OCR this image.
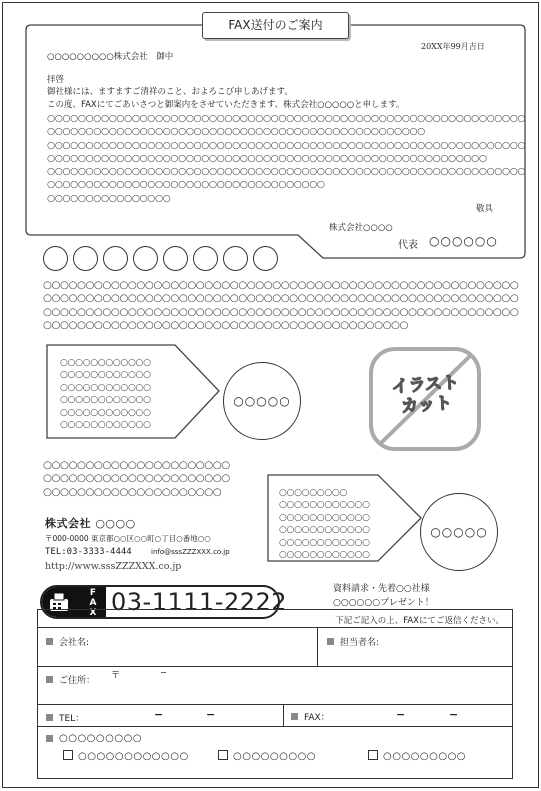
FAX送付のご案内
20XX年99月吉日
○○○○○○○○○株式会社　御中
拝啓
御社様には、ますますご清祥のこと、およろこび申しあげます。
この度、FAXにてごあいさつと御案内をさせていただきます、株式会社○○○○○と申します。
○○○○○○○○○○○○○○○○○○○○○○○○○○○○○○○○○○○○○○○○○○○○○○○○○○○○○○○○○○○○○○
○○○○○○○○○○○○○○○○○○○○○○○○○○○○○○○○○○○○○○○○○○○○○○○○○
○○○○○○○○○○○○○○○○○○○○○○○○○○○○○○○○○○○○○○○○○○○○○○○○○○○○○○○○○○○○○○
○○○○○○○○○○○○○○○○○○○○○○○○○○○○○○○○○○○○○○○○○○○○○○○○○○○○○○○○○
○○○○○○○○○○○○○○○○○○○○○○○○○○○○○○○○○○○○○○○○○○○○○○○○○○○○○○○○○○○○○○
○○○○○○○○○○○○○○○○○○○○○○○○○○○○○○○○○○○○
○○○○○○○○○○○○○○○○
敬具
株式会社○○○○
代表 ○○○○○○
○○○○○○○○○○○○○○○○○○○○○○○○○○○○○○○○○○○○○○○○○○○○○○○○○○○○○○○○
○○○○○○○○○○○○○○○○○○○○○○○○○○○○○○○○○○○○○○○○○○○○○○○○○○○○○○○○
○○○○○○○○○○○○○○○○○○○○○○○○○○○○○○○○○○○○○○○○○○○○○○○○○○○○○○○○
○○○○○○○○○○○○○○○○○○○○○○○○○○○○○○○○○○○○○○○○○○○
○○○○○○○○○○○○
○○○○○○○○○○○○
○○○○○○○○○○○○
○○○○○○○○○○○○
○○○○○○○○○○○○
○○○○○○○○○○○○
○○○○○
イラスト
カット
○○○○○○○○○○○○○○○○○○○○○○
○○○○○○○○○○○○○○○○○○○○○○
○○○○○○○○○○○○○○○○○○○○○	○○○○○○○○○
○○○○○○○○○○○○
○○○○○○○○○○○○
○○○○○○○○○○○○
○○○○○○○○○○○○
○○○○○○○○○○○○
○○○○○
株式会社 ○○○○
〒000-0000 東京都○○区○○町○丁目○番地○○
TEL:03-3333-4444	info@sssZZZXXX.co.jp
http://www.sssZZZXXX.co.jp
FAX 03-1111-2222	資料請求・先着○○社様
○○○○○○プレゼント！
下記ご記入の上、FAXにてご返信ください。
会社名:	担当者名:
ご住所： 〒	−
TEL：	−	−	FAX：	−	−
○○○○○○○○○
○○○○○○○○○○○○	○○○○○○○○○	○○○○○○○○○
